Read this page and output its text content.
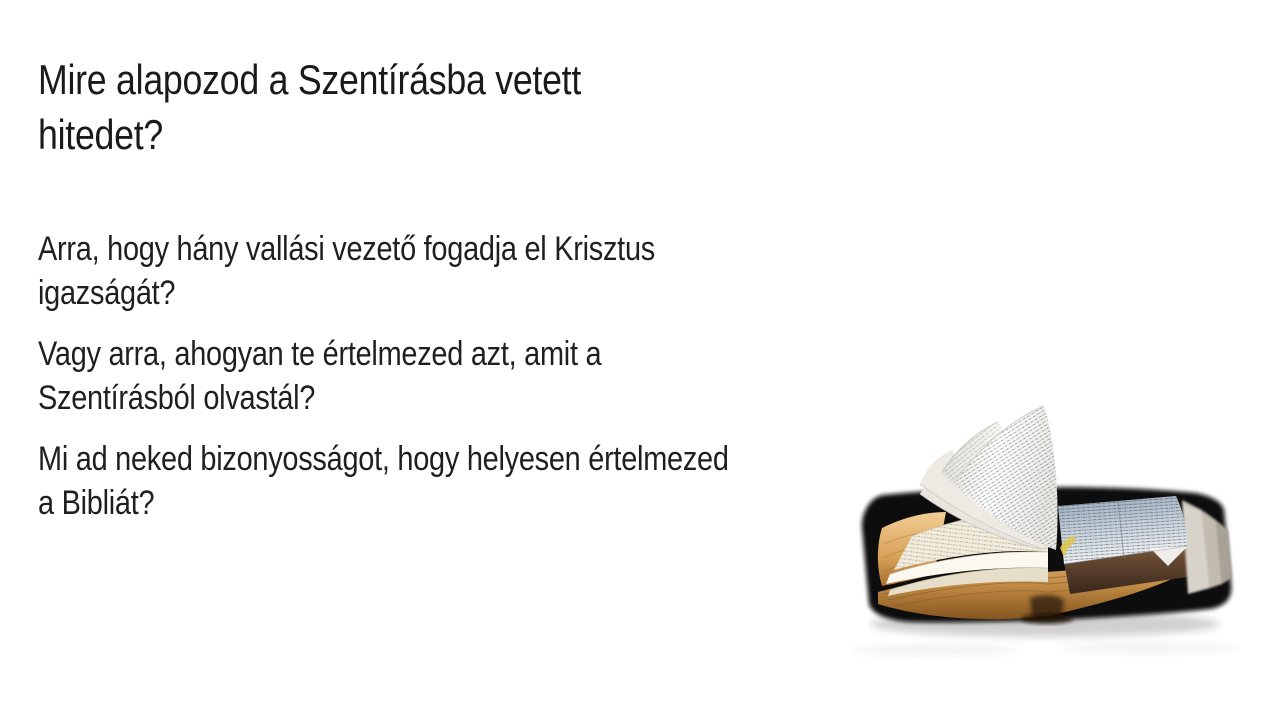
Mire alapozod a Szentírásba vetett
hitedet?
Arra, hogy hány vallási vezető fogadja el Krisztus
igazságát?
Vagy arra, ahogyan te értelmezed azt, amit a
Szentírásból olvastál?
Mi ad neked bizonyosságot, hogy helyesen értelmezed
a Bibliát?
